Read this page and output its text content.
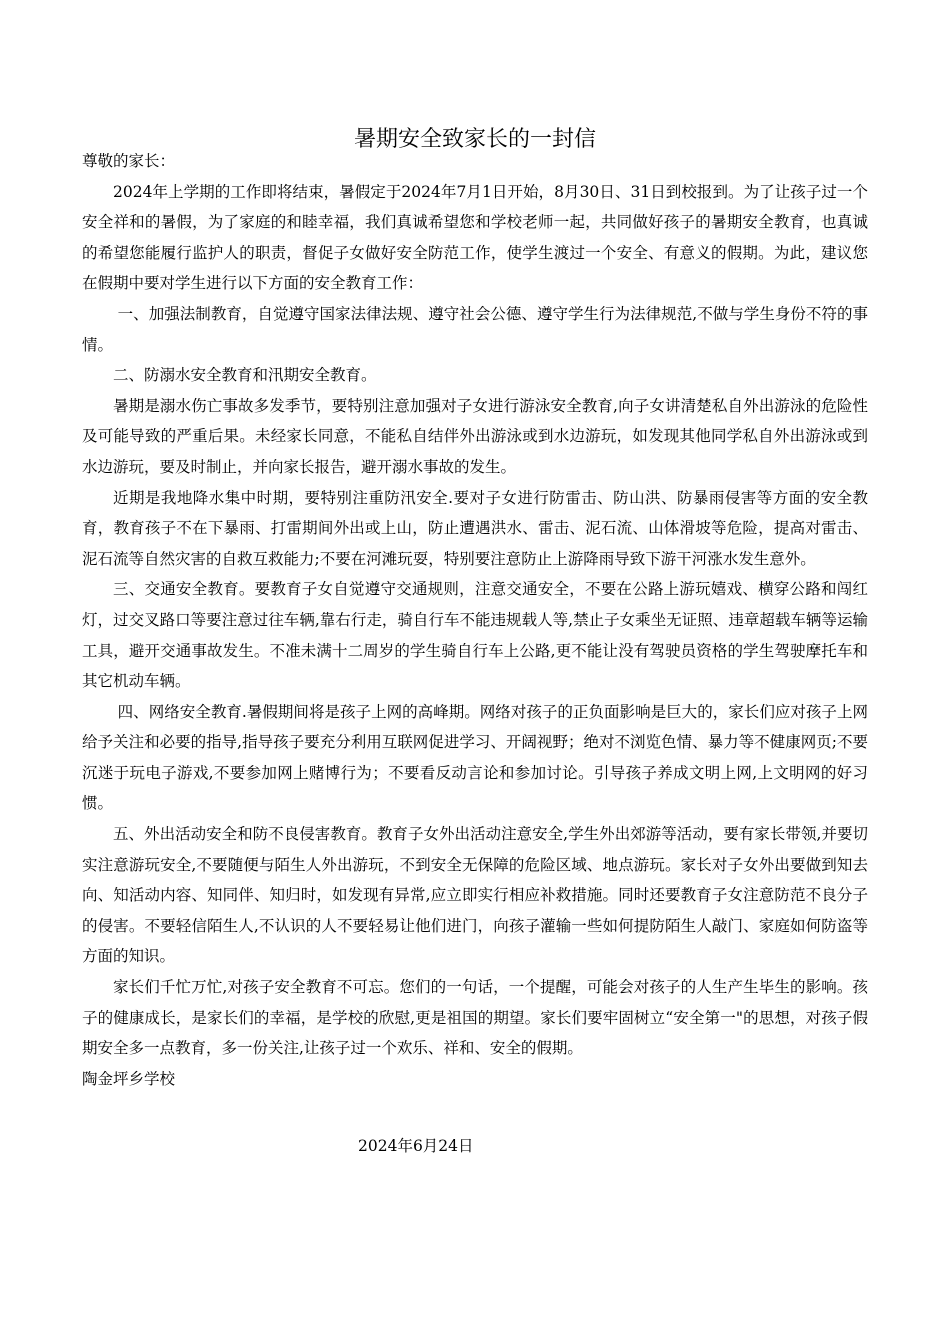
暑期安全致家长的一封信

尊敬的家长：

2024年上学期的工作即将结束，暑假定于2024年7月1日开始，8月30日、31日到校报到。为了让孩子过一个安全祥和的暑假，为了家庭的和睦幸福，我们真诚希望您和学校老师一起，共同做好孩子的暑期安全教育，也真诚的希望您能履行监护人的职责，督促子女做好安全防范工作，使学生渡过一个安全、有意义的假期。为此，建议您在假期中要对学生进行以下方面的安全教育工作：

一、加强法制教育，自觉遵守国家法律法规、遵守社会公德、遵守学生行为法律规范,不做与学生身份不符的事情。

二、防溺水安全教育和汛期安全教育。

暑期是溺水伤亡事故多发季节，要特别注意加强对子女进行游泳安全教育,向子女讲清楚私自外出游泳的危险性及可能导致的严重后果。未经家长同意，不能私自结伴外出游泳或到水边游玩，如发现其他同学私自外出游泳或到水边游玩，要及时制止，并向家长报告，避开溺水事故的发生。

近期是我地降水集中时期，要特别注重防汛安全.要对子女进行防雷击、防山洪、防暴雨侵害等方面的安全教育，教育孩子不在下暴雨、打雷期间外出或上山，防止遭遇洪水、雷击、泥石流、山体滑坡等危险，提高对雷击、泥石流等自然灾害的自救互救能力;不要在河滩玩耍，特别要注意防止上游降雨导致下游干河涨水发生意外。

三、交通安全教育。要教育子女自觉遵守交通规则，注意交通安全，不要在公路上游玩嬉戏、横穿公路和闯红灯，过交叉路口等要注意过往车辆,靠右行走，骑自行车不能违规载人等,禁止子女乘坐无证照、违章超载车辆等运输工具，避开交通事故发生。不准未满十二周岁的学生骑自行车上公路,更不能让没有驾驶员资格的学生驾驶摩托车和其它机动车辆。

四、网络安全教育.暑假期间将是孩子上网的高峰期。网络对孩子的正负面影响是巨大的，家长们应对孩子上网给予关注和必要的指导,指导孩子要充分利用互联网促进学习、开阔视野；绝对不浏览色情、暴力等不健康网页;不要沉迷于玩电子游戏,不要参加网上赌博行为；不要看反动言论和参加讨论。引导孩子养成文明上网,上文明网的好习惯。

五、外出活动安全和防不良侵害教育。教育子女外出活动注意安全,学生外出郊游等活动，要有家长带领,并要切实注意游玩安全,不要随便与陌生人外出游玩，不到安全无保障的危险区域、地点游玩。家长对子女外出要做到知去向、知活动内容、知同伴、知归时，如发现有异常,应立即实行相应补救措施。同时还要教育子女注意防范不良分子的侵害。不要轻信陌生人,不认识的人不要轻易让他们进门，向孩子灌输一些如何提防陌生人敲门、家庭如何防盗等方面的知识。

家长们千忙万忙,对孩子安全教育不可忘。您们的一句话，一个提醒，可能会对孩子的人生产生毕生的影响。孩子的健康成长，是家长们的幸福，是学校的欣慰,更是祖国的期望。家长们要牢固树立“安全第一"的思想，对孩子假期安全多一点教育，多一份关注,让孩子过一个欢乐、祥和、安全的假期。

陶金坪乡学校

2024年6月24日
